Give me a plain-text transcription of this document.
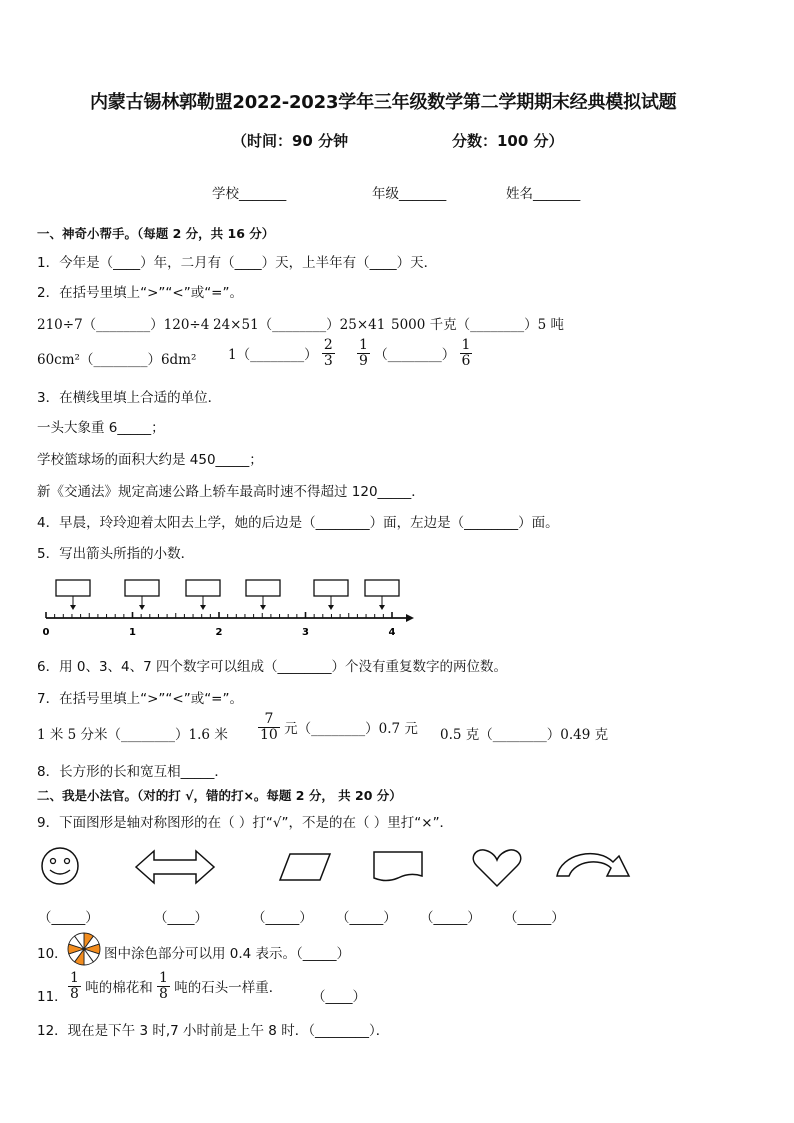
内蒙古锡林郭勒盟2022-2023学年三年级数学第二学期期末经典模拟试题
（时间：90 分钟	分数：100 分）
学校_______	年级_______	姓名_______
一、神奇小帮手。（每题 2 分，共 16 分）
1．今年是（____）年，二月有（____）天，上半年有（____）天．
2．在括号里填上“>”“<”或“=”。
210÷7（________）120÷4 24×51（________）25×41 5000 千克（________）5 吨
60cm²（________）6dm² 1（________） $\frac{2}{3} \frac{1}{9}$ （________） $\frac{1}{6}$
3．在横线里填上合适的单位．
一头大象重 6_____；
学校篮球场的面积大约是 450_____；
新《交通法》规定高速公路上轿车最高时速不得超过 120_____．
4．早晨，玲玲迎着太阳去上学，她的后边是（________）面，左边是（________）面。
5．写出箭头所指的小数．
0	1	2	3	4
6．用 0、3、4、7 四个数字可以组成（________）个没有重复数字的两位数。
7．在括号里填上“>”“<”或“=”。
1 米 5 分米（________）1.6 米 $\frac{7}{10}$ 元（________）0.7 元 0.5 克（________）0.49 克
8．长方形的长和宽互相_____．
二、我是小法官。（对的打 √，错的打×。每题 2 分， 共 20 分）
9．下面图形是轴对称图形的在（ ）打“√”，不是的在（ ）里打“×”．
（_____）	（____）	（_____） （_____） （_____） （_____）
10．	图中涂色部分可以用 0.4 表示。（_____）
11． $\frac{1}{8}$ 吨的棉花和 $\frac{1}{8}$ 吨的石头一样重．
（____）
12．现在是下午 3 时,7 小时前是上午 8 时．（________）．
